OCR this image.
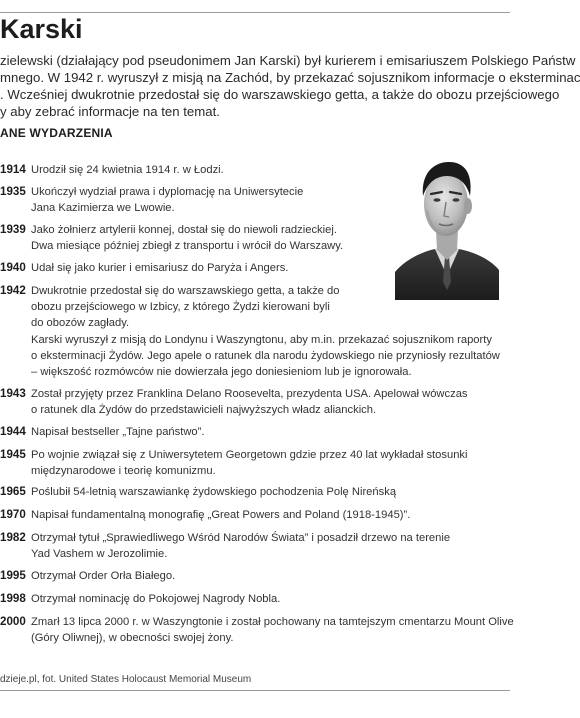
Karski
zielewski (działający pod pseudonimem Jan Karski) był kurierem i emisariuszem Polskiego Państw
mnego. W 1942 r. wyruszył z misją na Zachód, by przekazać sojusznikom informacje o eksterminac
. Wcześniej dwukrotnie przedostał się do warszawskiego getta, a także do obozu przejściowego
y aby zebrać informacje na ten temat.
ANE WYDARZENIA
1914 Urodził się 24 kwietnia 1914 r. w Łodzi.
1935 Ukończył wydział prawa i dyplomację na Uniwersytecie
Jana Kazimierza we Lwowie.
1939 Jako żołnierz artylerii konnej, dostał się do niewoli radzieckiej.
Dwa miesiące później zbiegł z transportu i wrócił do Warszawy.
1940 Udał się jako kurier i emisariusz do Paryża i Angers.
1942 Dwukrotnie przedostał się do warszawskiego getta, a także do
obozu przejściowego w Izbicy, z którego Żydzi kierowani byli
do obozów zagłady.
Karski wyruszył z misją do Londynu i Waszyngtonu, aby m.in. przekazać sojusznikom raporty
o eksterminacji Żydów. Jego apele o ratunek dla narodu żydowskiego nie przyniosły rezultatów
– większość rozmówców nie dowierzała jego doniesieniom lub je ignorowała.
1943 Został przyjęty przez Franklina Delano Roosevelta, prezydenta USA. Apelował wówczas
o ratunek dla Żydów do przedstawicieli najwyższych władz alianckich.
1944 Napisał bestseller „Tajne państwo”.
1945 Po wojnie związał się z Uniwersytetem Georgetown gdzie przez 40 lat wykładał stosunki
międzynarodowe i teorię komunizmu.
1965 Poślubił 54-letnią warszawiankę żydowskiego pochodzenia Polę Nireńską
1970 Napisał fundamentalną monografię „Great Powers and Poland (1918-1945)”.
1982 Otrzymał tytuł „Sprawiedliwego Wśród Narodów Świata” i posadził drzewo na terenie
Yad Vashem w Jerozolimie.
1995 Otrzymał Order Orła Białego.
1998 Otrzymał nominację do Pokojowej Nagrody Nobla.
2000 Zmarł 13 lipca 2000 r. w Waszyngtonie i został pochowany na tamtejszym cmentarzu Mount Olive
(Góry Oliwnej), w obecności swojej żony.
dzieje.pl, fot. United States Holocaust Memorial Museum
